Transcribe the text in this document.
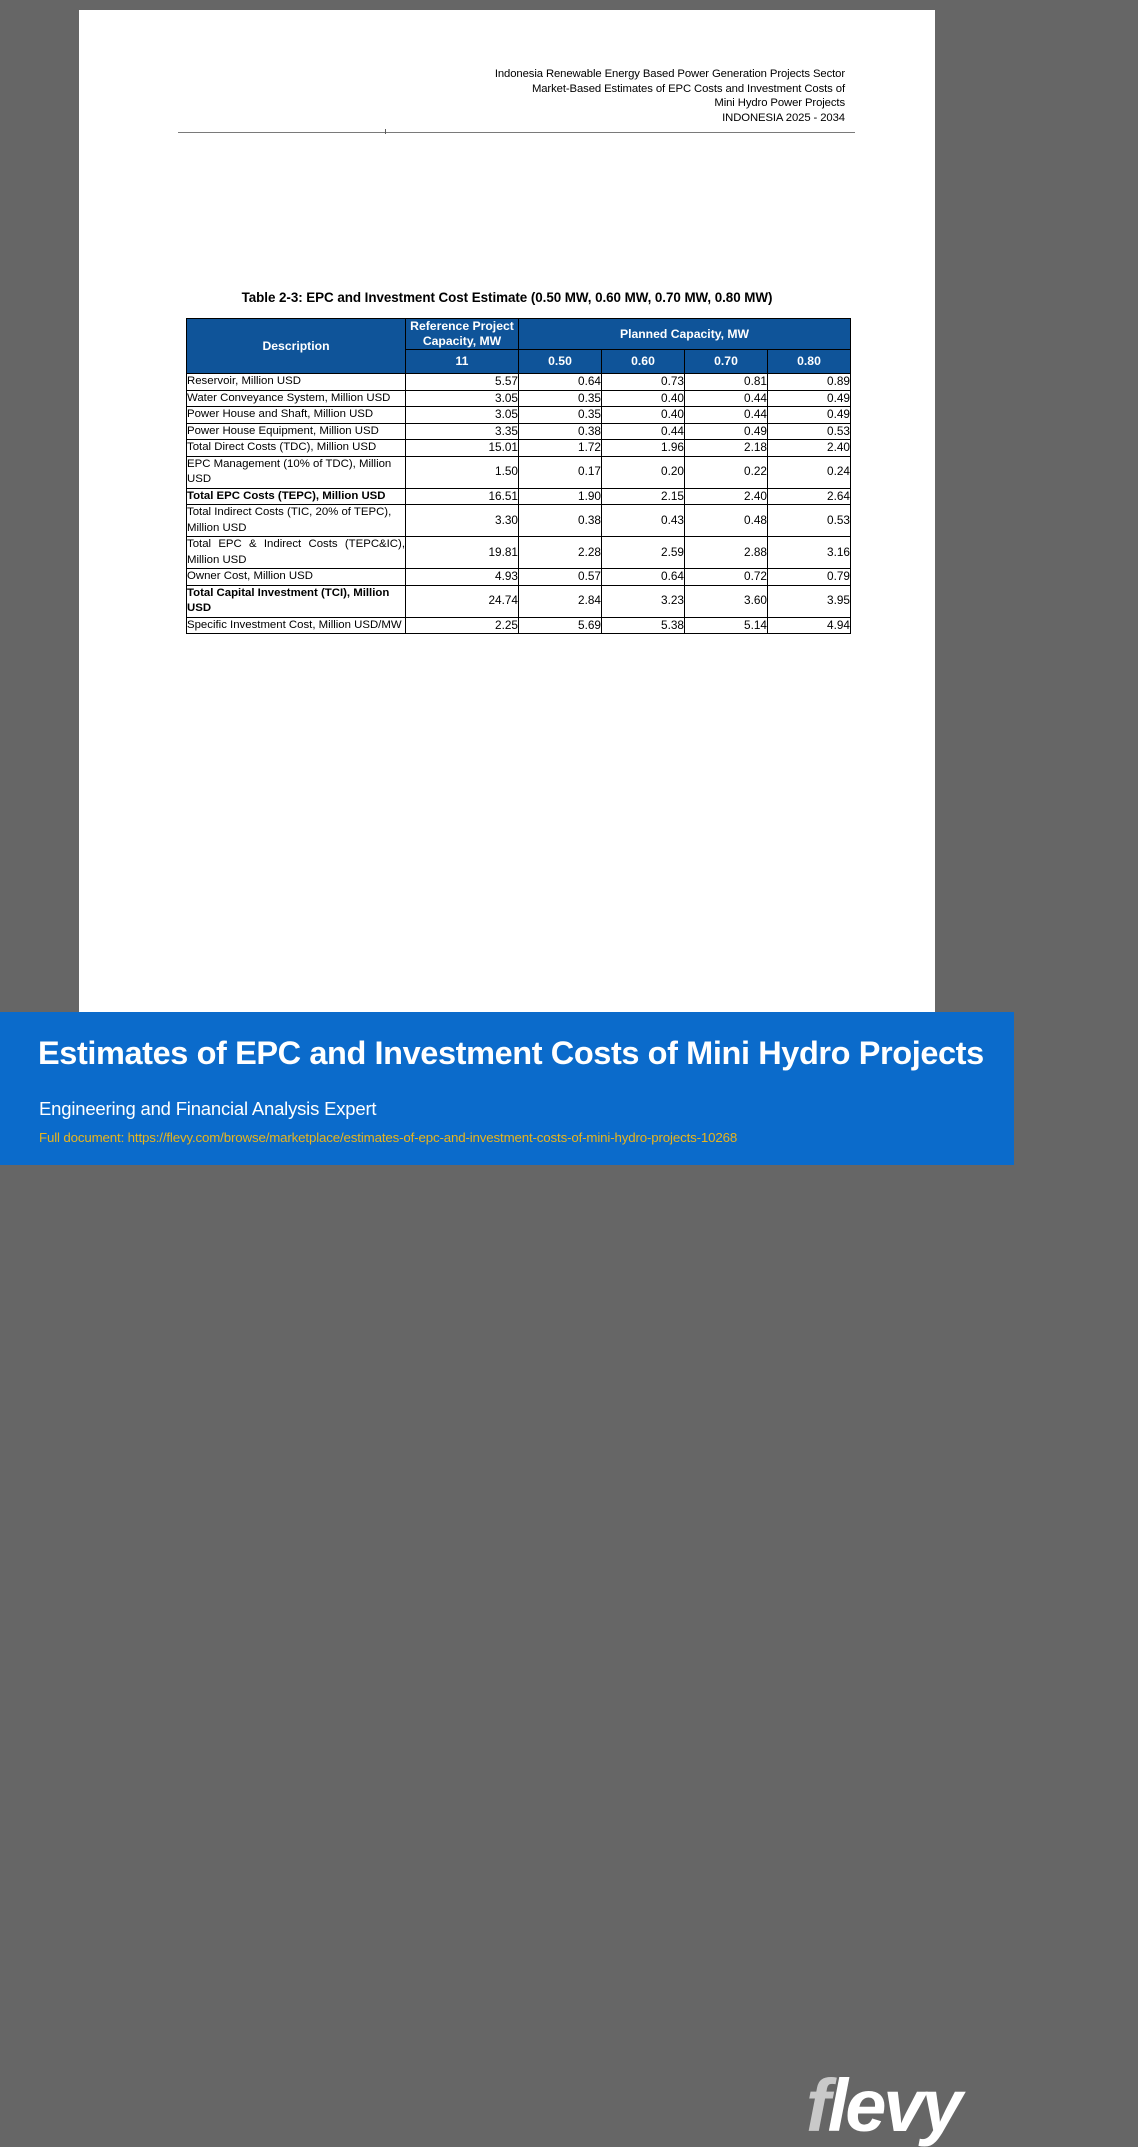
Indonesia Renewable Energy Based Power Generation Projects Sector
Market-Based Estimates of EPC Costs and Investment Costs of
Mini Hydro Power Projects
INDONESIA 2025 - 2034
Table 2-3: EPC and Investment Cost Estimate (0.50 MW, 0.60 MW, 0.70 MW, 0.80 MW)
Description	Reference Project Capacity, MW	Planned Capacity, MW			
	11	0.50	0.60	0.70	0.80
Reservoir, Million USD	5.57	0.64	0.73	0.81	0.89
Water Conveyance System, Million USD	3.05	0.35	0.40	0.44	0.49
Power House and Shaft, Million USD	3.05	0.35	0.40	0.44	0.49
Power House Equipment, Million USD	3.35	0.38	0.44	0.49	0.53
Total Direct Costs (TDC), Million USD	15.01	1.72	1.96	2.18	2.40
EPC Management (10% of TDC), Million USD	1.50	0.17	0.20	0.22	0.24
Total EPC Costs (TEPC), Million USD	16.51	1.90	2.15	2.40	2.64
Total Indirect Costs (TIC, 20% of TEPC), Million USD	3.30	0.38	0.43	0.48	0.53
Total EPC & Indirect Costs (TEPC&IC), Million USD	19.81	2.28	2.59	2.88	3.16
Owner Cost, Million USD	4.93	0.57	0.64	0.72	0.79
Total Capital Investment (TCI), Million USD	24.74	2.84	3.23	3.60	3.95
Specific Investment Cost, Million USD/MW	2.25	5.69	5.38	5.14	4.94
Estimates of EPC and Investment Costs of Mini Hydro Projects
Engineering and Financial Analysis Expert
flevy
Full document: https://flevy.com/browse/marketplace/estimates-of-epc-and-investment-costs-of-mini-hydro-projects-10268
